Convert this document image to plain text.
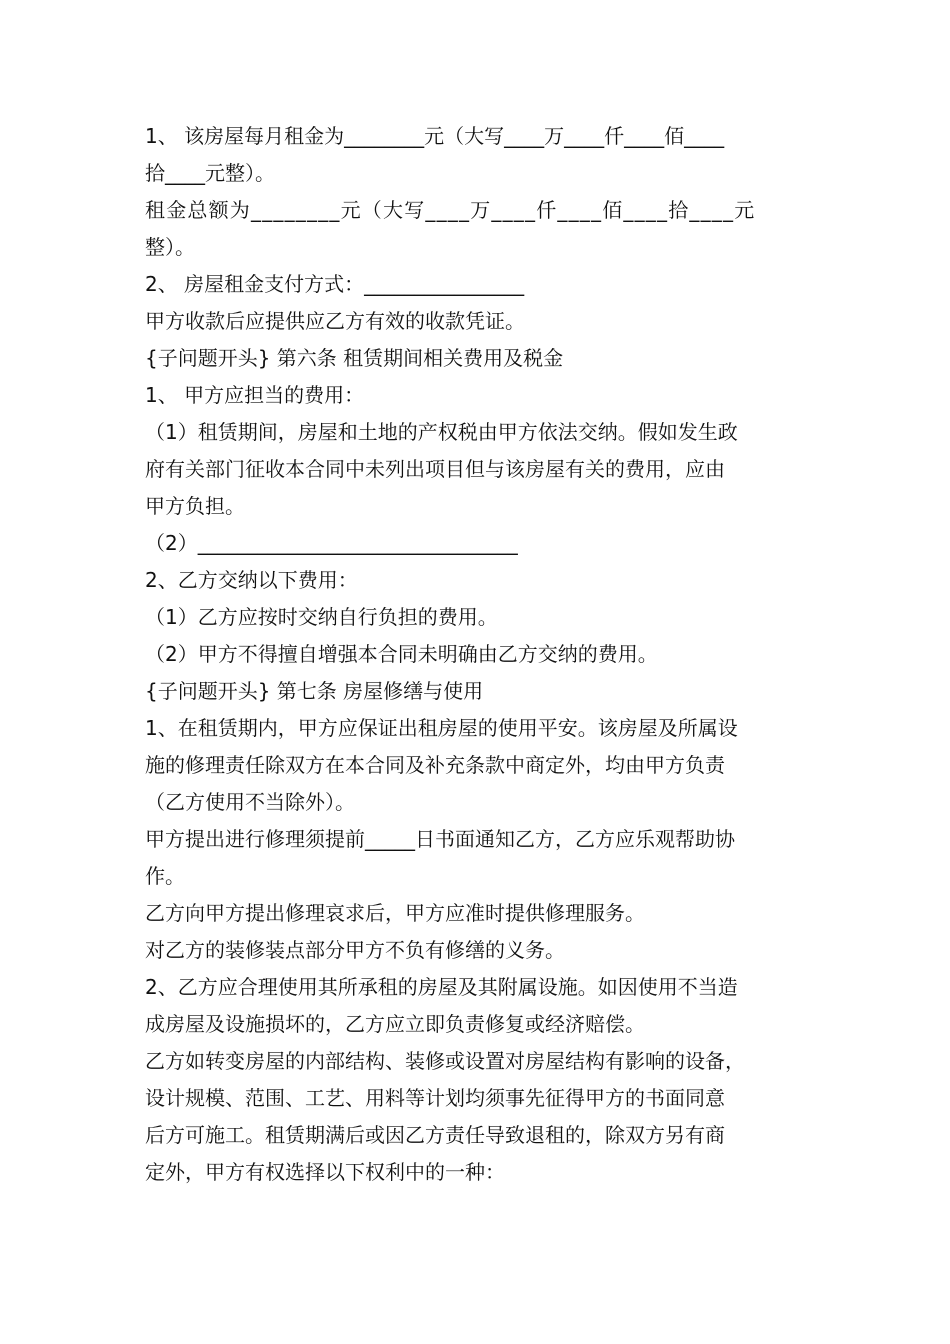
1、 该房屋每月租金为________元（大写____万____仟____佰____
拾____元整）。
租金总额为________元（大写____万____仟____佰____拾____元
整）。
2、 房屋租金支付方式：________________
甲方收款后应提供应乙方有效的收款凭证。
{子问题开头} 第六条 租赁期间相关费用及税金
1、 甲方应担当的费用：
（1）租赁期间，房屋和土地的产权税由甲方依法交纳。假如发生政
府有关部门征收本合同中未列出项目但与该房屋有关的费用，应由
甲方负担。
（2）________________________________
2、乙方交纳以下费用：
（1）乙方应按时交纳自行负担的费用。
（2）甲方不得擅自增强本合同未明确由乙方交纳的费用。
{子问题开头} 第七条 房屋修缮与使用
1、在租赁期内，甲方应保证出租房屋的使用平安。该房屋及所属设
施的修理责任除双方在本合同及补充条款中商定外，均由甲方负责
（乙方使用不当除外）。
甲方提出进行修理须提前_____日书面通知乙方，乙方应乐观帮助协
作。
乙方向甲方提出修理哀求后，甲方应准时提供修理服务。
对乙方的装修装点部分甲方不负有修缮的义务。
2、乙方应合理使用其所承租的房屋及其附属设施。如因使用不当造
成房屋及设施损坏的，乙方应立即负责修复或经济赔偿。
乙方如转变房屋的内部结构、装修或设置对房屋结构有影响的设备，
设计规模、范围、工艺、用料等计划均须事先征得甲方的书面同意
后方可施工。租赁期满后或因乙方责任导致退租的，除双方另有商
定外，甲方有权选择以下权利中的一种：
